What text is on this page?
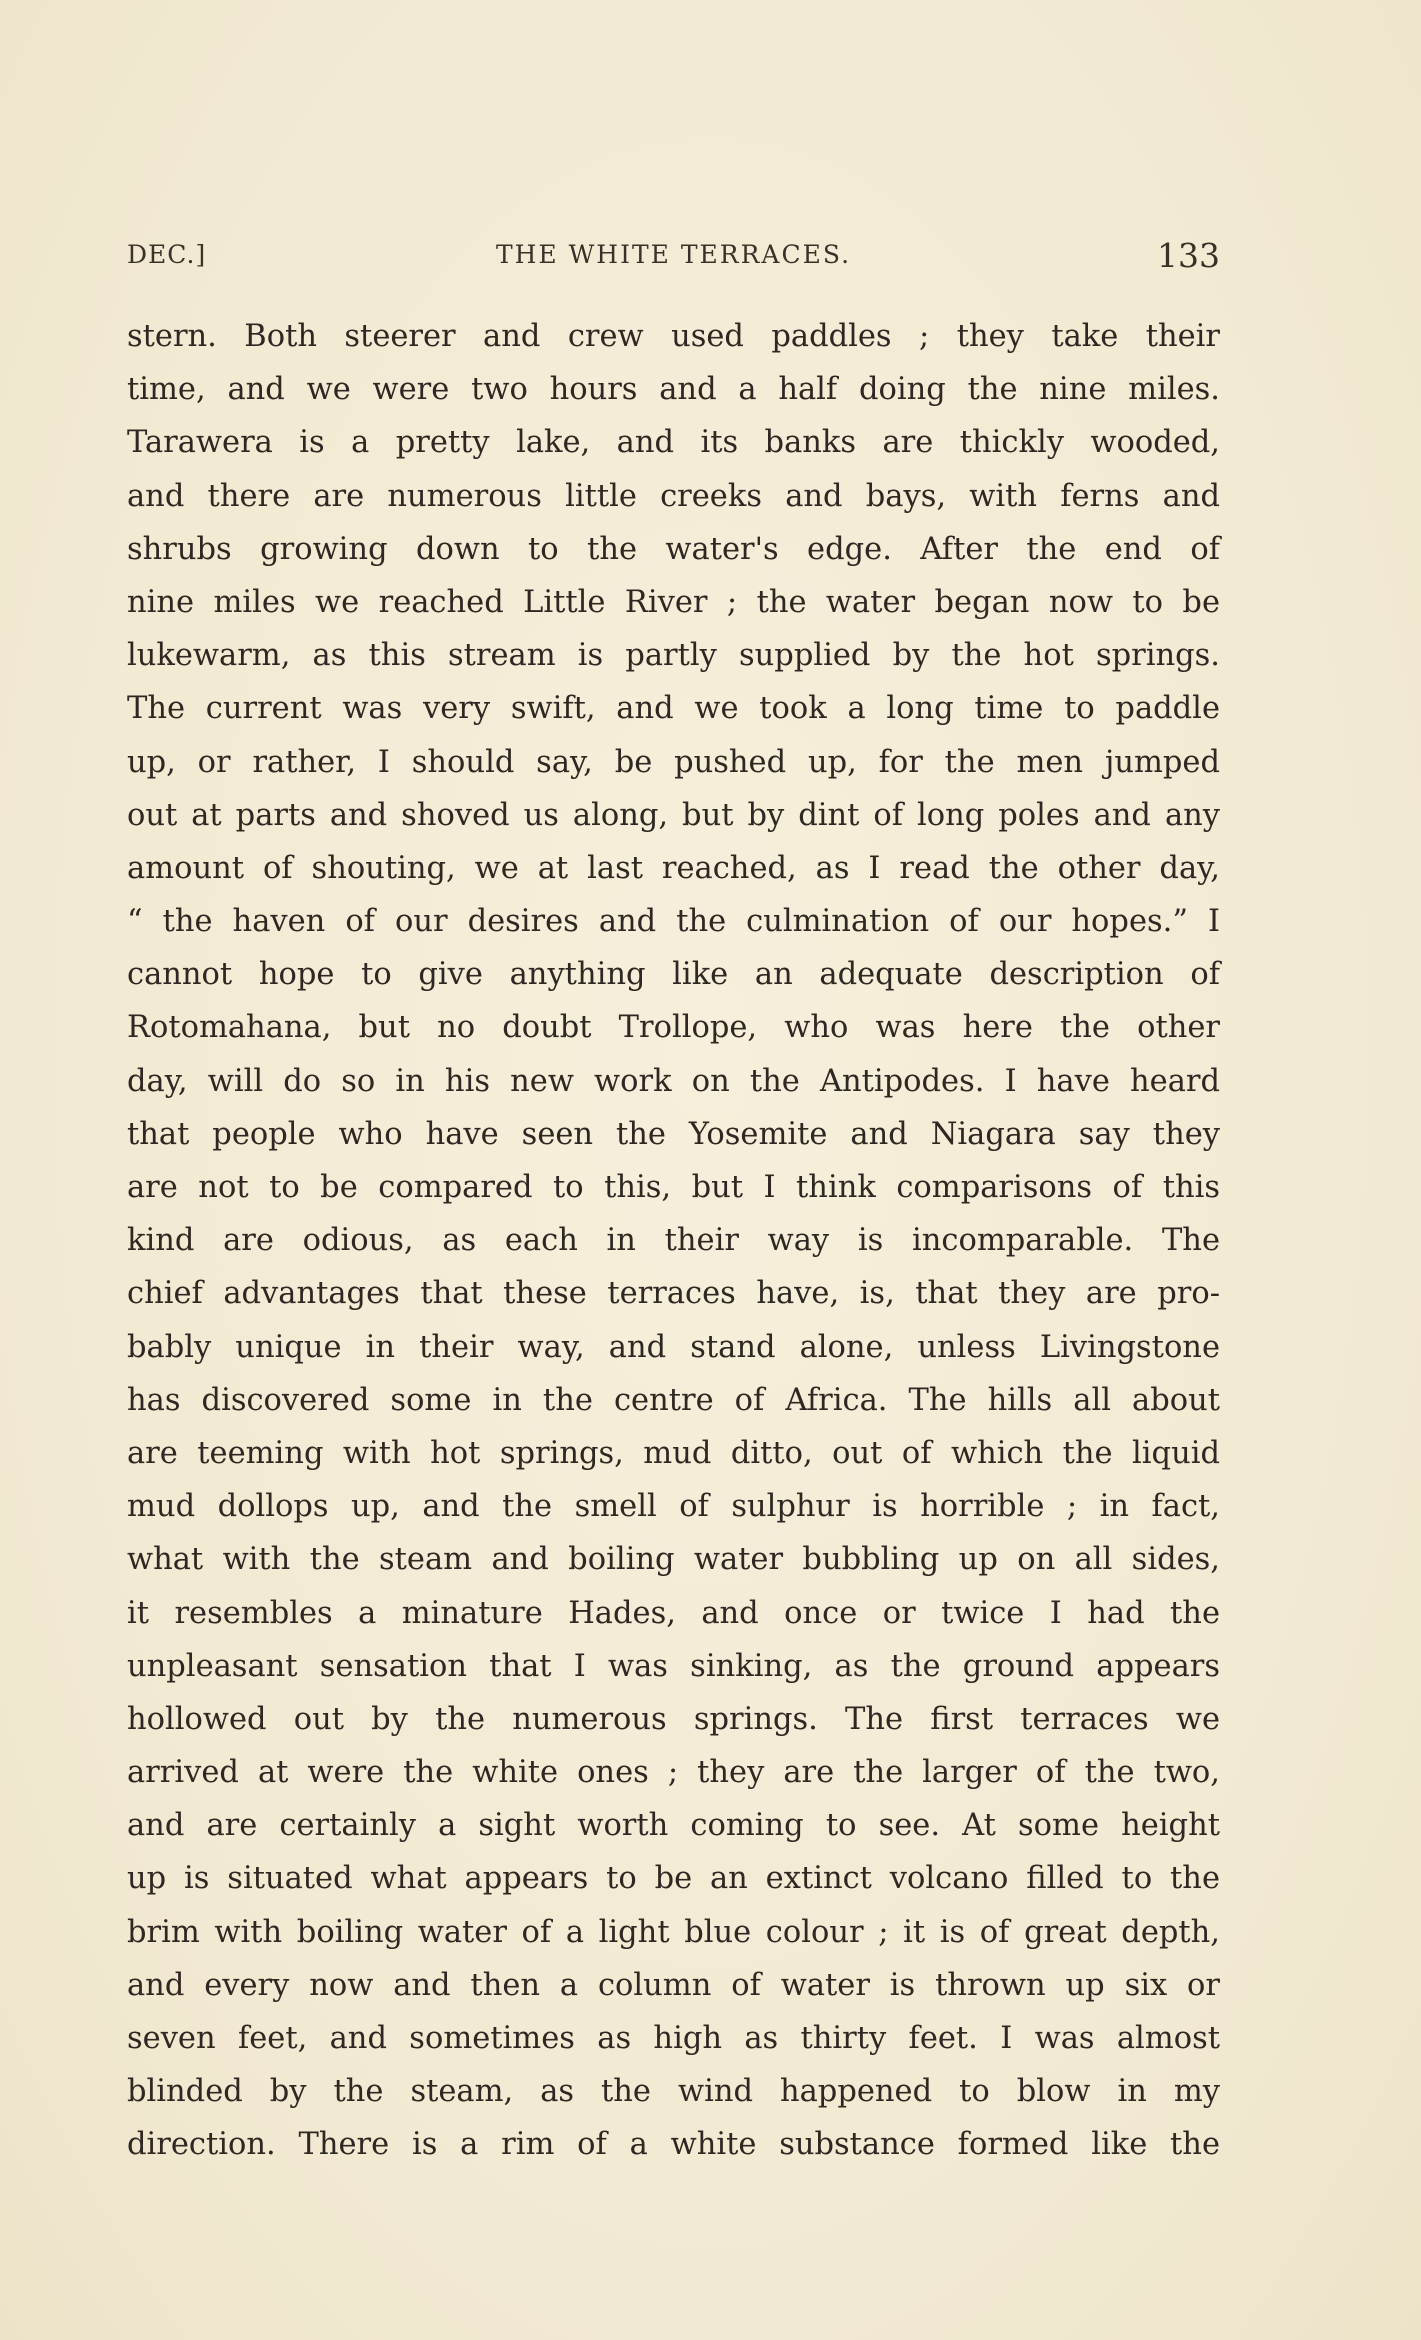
DEC.]	THE WHITE TERRACES.	133
stern. Both steerer and crew used paddles ; they take their
time, and we were two hours and a half doing the nine miles.
Tarawera is a pretty lake, and its banks are thickly wooded,
and there are numerous little creeks and bays, with ferns and
shrubs growing down to the water's edge. After the end of
nine miles we reached Little River ; the water began now to be
lukewarm, as this stream is partly supplied by the hot springs.
The current was very swift, and we took a long time to paddle
up, or rather, I should say, be pushed up, for the men jumped
out at parts and shoved us along, but by dint of long poles and any
amount of shouting, we at last reached, as I read the other day,
“ the haven of our desires and the culmination of our hopes.” I
cannot hope to give anything like an adequate description of
Rotomahana, but no doubt Trollope, who was here the other
day, will do so in his new work on the Antipodes. I have heard
that people who have seen the Yosemite and Niagara say they
are not to be compared to this, but I think comparisons of this
kind are odious, as each in their way is incomparable. The
chief advantages that these terraces have, is, that they are pro-
bably unique in their way, and stand alone, unless Livingstone
has discovered some in the centre of Africa. The hills all about
are teeming with hot springs, mud ditto, out of which the liquid
mud dollops up, and the smell of sulphur is horrible ; in fact,
what with the steam and boiling water bubbling up on all sides,
it resembles a minature Hades, and once or twice I had the
unpleasant sensation that I was sinking, as the ground appears
hollowed out by the numerous springs. The first terraces we
arrived at were the white ones ; they are the larger of the two,
and are certainly a sight worth coming to see. At some height
up is situated what appears to be an extinct volcano filled to the
brim with boiling water of a light blue colour ; it is of great depth,
and every now and then a column of water is thrown up six or
seven feet, and sometimes as high as thirty feet. I was almost
blinded by the steam, as the wind happened to blow in my
direction. There is a rim of a white substance formed like the
